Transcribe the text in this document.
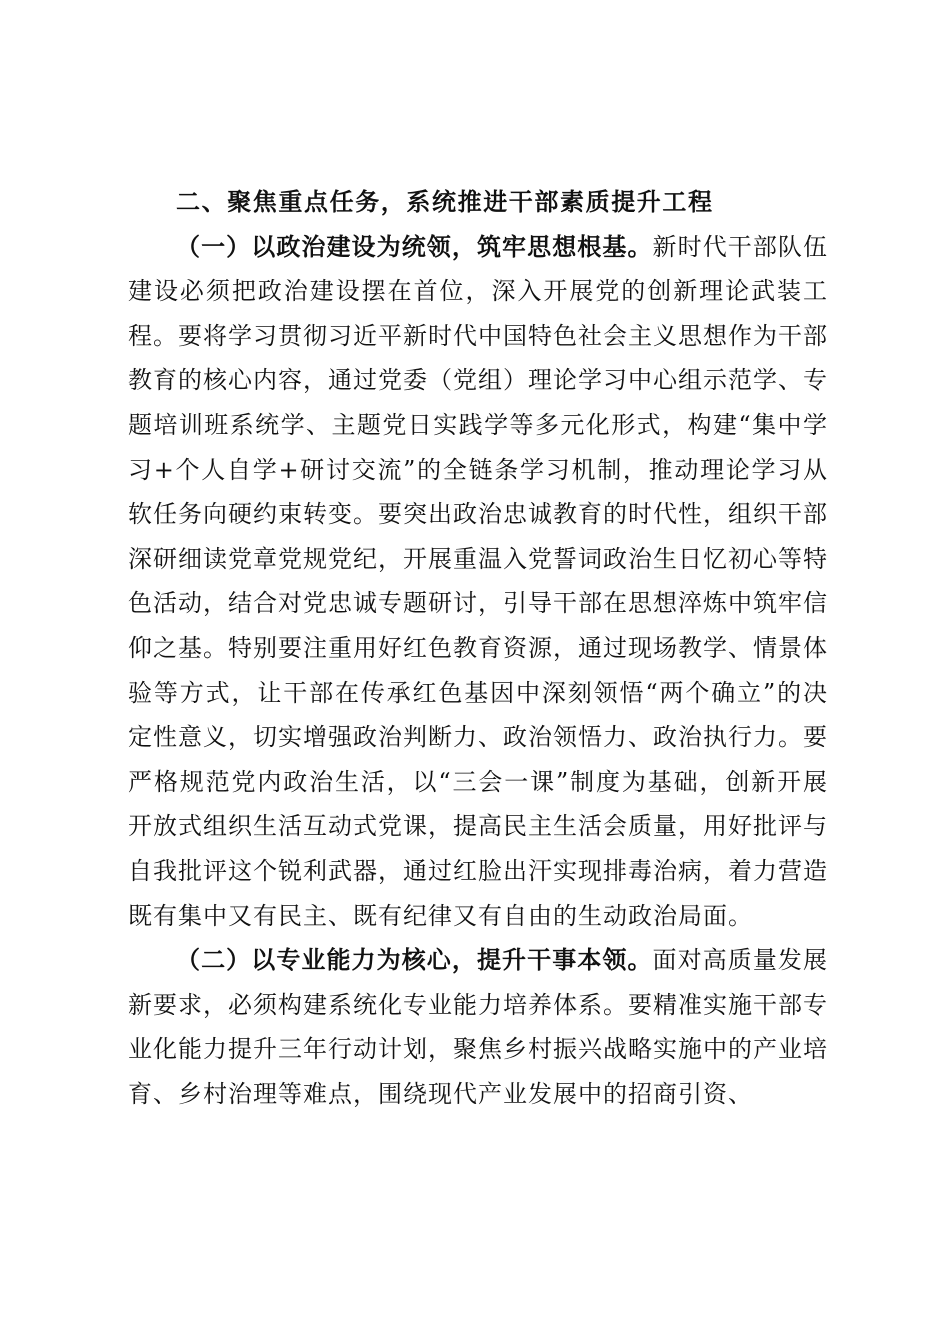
二、聚焦重点任务，系统推进干部素质提升工程

（一）以政治建设为统领，筑牢思想根基。新时代干部队伍建设必须把政治建设摆在首位，深入开展党的创新理论武装工程。要将学习贯彻习近平新时代中国特色社会主义思想作为干部教育的核心内容，通过党委（党组）理论学习中心组示范学、专题培训班系统学、主题党日实践学等多元化形式，构建“集中学习+个人自学+研讨交流”的全链条学习机制，推动理论学习从软任务向硬约束转变。要突出政治忠诚教育的时代性，组织干部深研细读党章党规党纪，开展重温入党誓词政治生日忆初心等特色活动，结合对党忠诚专题研讨，引导干部在思想淬炼中筑牢信仰之基。特别要注重用好红色教育资源，通过现场教学、情景体验等方式，让干部在传承红色基因中深刻领悟“两个确立”的决定性意义，切实增强政治判断力、政治领悟力、政治执行力。要严格规范党内政治生活，以“三会一课”制度为基础，创新开展开放式组织生活互动式党课，提高民主生活会质量，用好批评与自我批评这个锐利武器，通过红脸出汗实现排毒治病，着力营造既有集中又有民主、既有纪律又有自由的生动政治局面。

（二）以专业能力为核心，提升干事本领。面对高质量发展新要求，必须构建系统化专业能力培养体系。要精准实施干部专业化能力提升三年行动计划，聚焦乡村振兴战略实施中的产业培育、乡村治理等难点，围绕现代产业发展中的招商引资、
